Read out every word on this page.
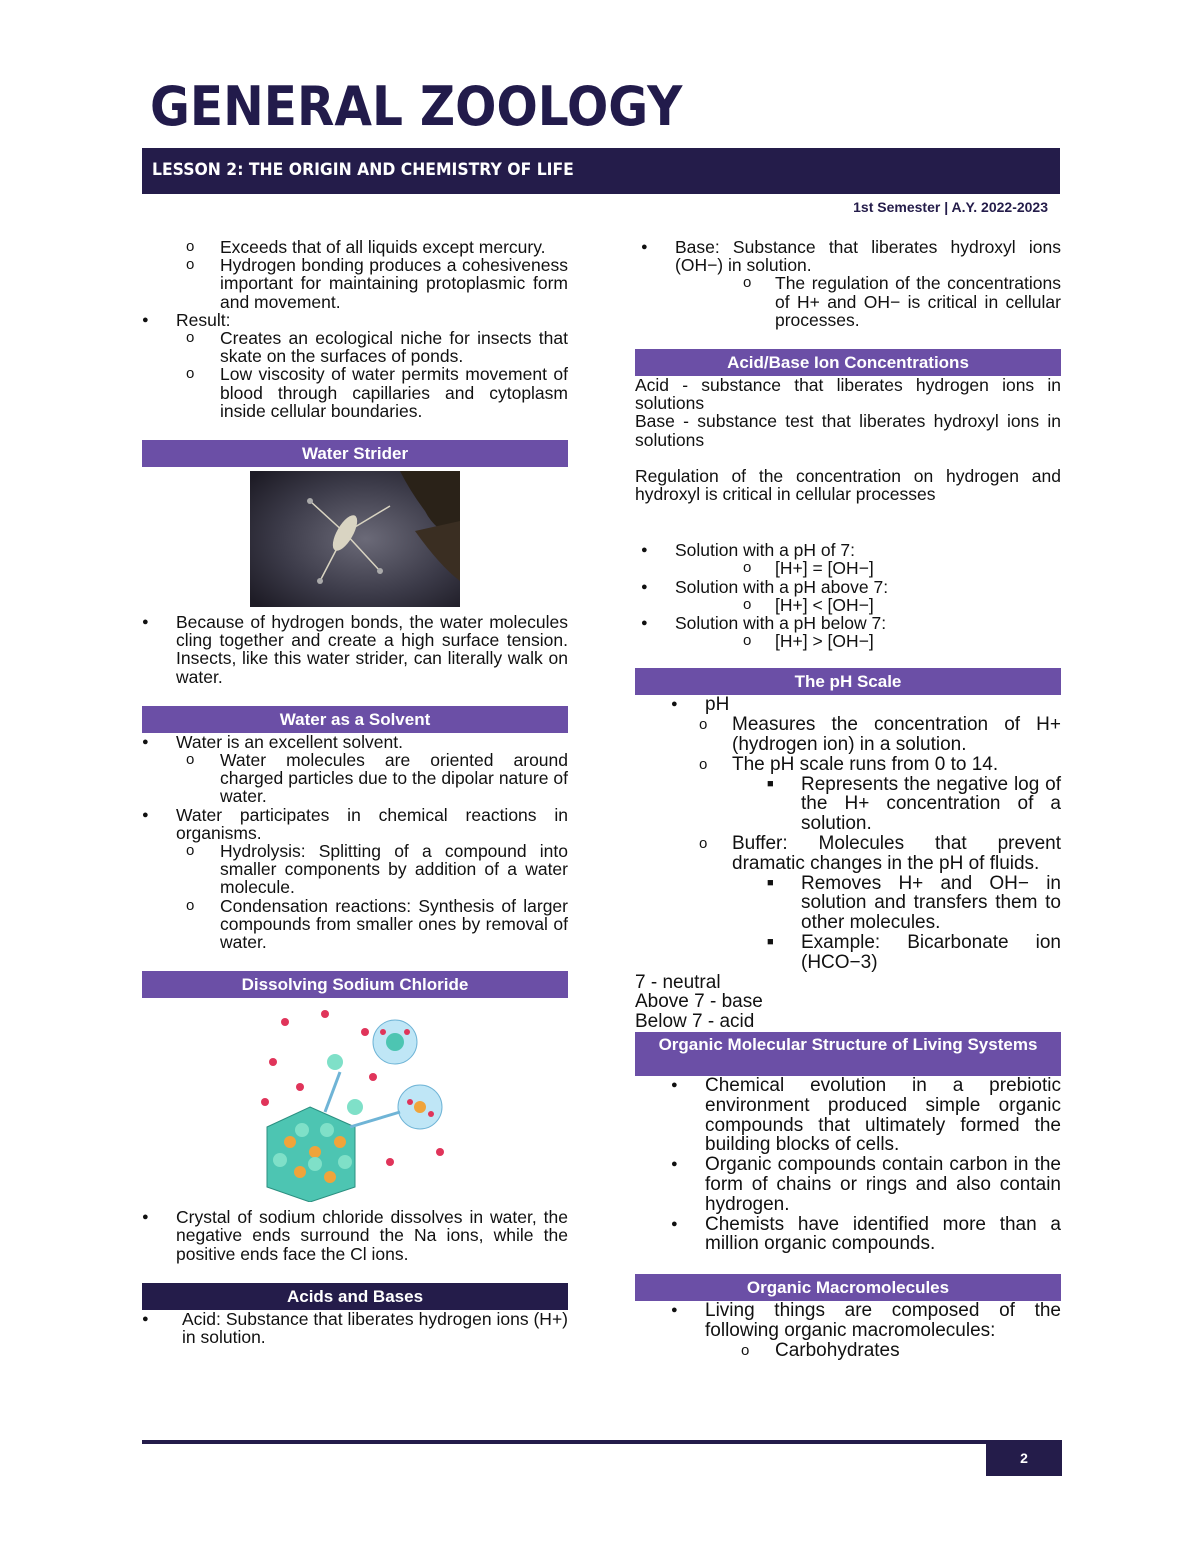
GENERAL ZOOLOGY
LESSON 2: THE ORIGIN AND CHEMISTRY OF LIFE
1st Semester | A.Y. 2022-2023
o Exceeds that of all liquids except mercury.
o Hydrogen bonding produces a cohesiveness important for maintaining protoplasmic form and movement.
● Result:
o Creates an ecological niche for insects that skate on the surfaces of ponds.
o Low viscosity of water permits movement of blood through capillaries and cytoplasm inside cellular boundaries.
Water Strider
● Because of hydrogen bonds, the water molecules cling together and create a high surface tension. Insects, like this water strider, can literally walk on water.
Water as a Solvent
● Water is an excellent solvent.
o Water molecules are oriented around charged particles due to the dipolar nature of water.
● Water participates in chemical reactions in organisms.
o Hydrolysis: Splitting of a compound into smaller components by addition of a water molecule.
o Condensation reactions: Synthesis of larger compounds from smaller ones by removal of water.
Dissolving Sodium Chloride
● Crystal of sodium chloride dissolves in water, the negative ends surround the Na ions, while the positive ends face the Cl ions.
Acids and Bases
● Acid: Substance that liberates hydrogen ions (H+) in solution.
● Base: Substance that liberates hydroxyl ions (OH−) in solution.
o The regulation of the concentrations of H+ and OH− is critical in cellular processes.
Acid/Base Ion Concentrations
Acid - substance that liberates hydrogen ions in solutions
Base - substance test that liberates hydroxyl ions in solutions
Regulation of the concentration on hydrogen and hydroxyl is critical in cellular processes
● Solution with a pH of 7:
o [H+] = [OH−]
● Solution with a pH above 7:
o [H+] < [OH−]
● Solution with a pH below 7:
o [H+] > [OH−]
The pH Scale
● pH
o Measures the concentration of H+ (hydrogen ion) in a solution.
o The pH scale runs from 0 to 14.
■ Represents the negative log of the H+ concentration of a solution.
o Buffer: Molecules that prevent dramatic changes in the pH of fluids.
■ Removes H+ and OH− in solution and transfers them to other molecules.
■ Example: Bicarbonate ion (HCO−3)
7 - neutral
Above 7 - base
Below 7 - acid
Organic Molecular Structure of Living Systems
● Chemical evolution in a prebiotic environment produced simple organic compounds that ultimately formed the building blocks of cells.
● Organic compounds contain carbon in the form of chains or rings and also contain hydrogen.
● Chemists have identified more than a million organic compounds.
Organic Macromolecules
● Living things are composed of the following organic macromolecules:
o Carbohydrates
2
